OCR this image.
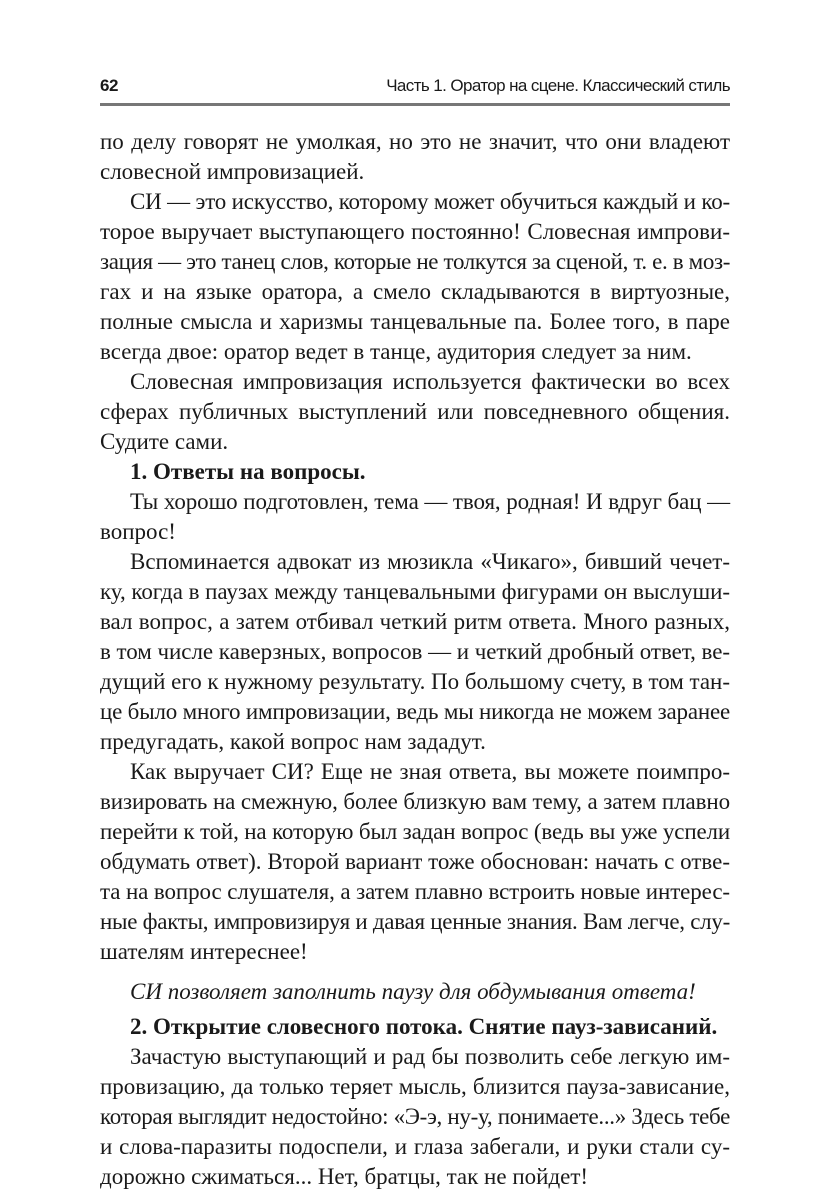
62	Часть 1. Оратор на сцене. Классический стиль
по делу говорят не умолкая, но это не значит, что они владеют
словесной импровизацией.
СИ — это искусство, которому может обучиться каждый и ко-
торое выручает выступающего постоянно! Словесная импрови-
зация — это танец слов, которые не толкутся за сценой, т. е. в моз-
гах и на языке оратора, а смело складываются в виртуозные,
полные смысла и харизмы танцевальные па. Более того, в паре
всегда двое: оратор ведет в танце, аудитория следует за ним.
Словесная импровизация используется фактически во всех
сферах публичных выступлений или повседневного общения.
Судите сами.
1. Ответы на вопросы.
Ты хорошо подготовлен, тема — твоя, родная! И вдруг бац —
вопрос!
Вспоминается адвокат из мюзикла «Чикаго», бивший чечет-
ку, когда в паузах между танцевальными фигурами он выслуши-
вал вопрос, а затем отбивал четкий ритм ответа. Много разных,
в том числе каверзных, вопросов — и четкий дробный ответ, ве-
дущий его к нужному результату. По большому счету, в том тан-
це было много импровизации, ведь мы никогда не можем заранее
предугадать, какой вопрос нам зададут.
Как выручает СИ? Еще не зная ответа, вы можете поимпро-
визировать на смежную, более близкую вам тему, а затем плавно
перейти к той, на которую был задан вопрос (ведь вы уже успели
обдумать ответ). Второй вариант тоже обоснован: начать с отве-
та на вопрос слушателя, а затем плавно встроить новые интерес-
ные факты, импровизируя и давая ценные знания. Вам легче, слу-
шателям интереснее!
СИ позволяет заполнить паузу для обдумывания ответа!
2. Открытие словесного потока. Снятие пауз-зависаний.
Зачастую выступающий и рад бы позволить себе легкую им-
провизацию, да только теряет мысль, близится пауза-зависание,
которая выглядит недостойно: «Э-э, ну-у, понимаете...» Здесь тебе
и слова-паразиты подоспели, и глаза забегали, и руки стали су-
дорожно сжиматься... Нет, братцы, так не пойдет!
